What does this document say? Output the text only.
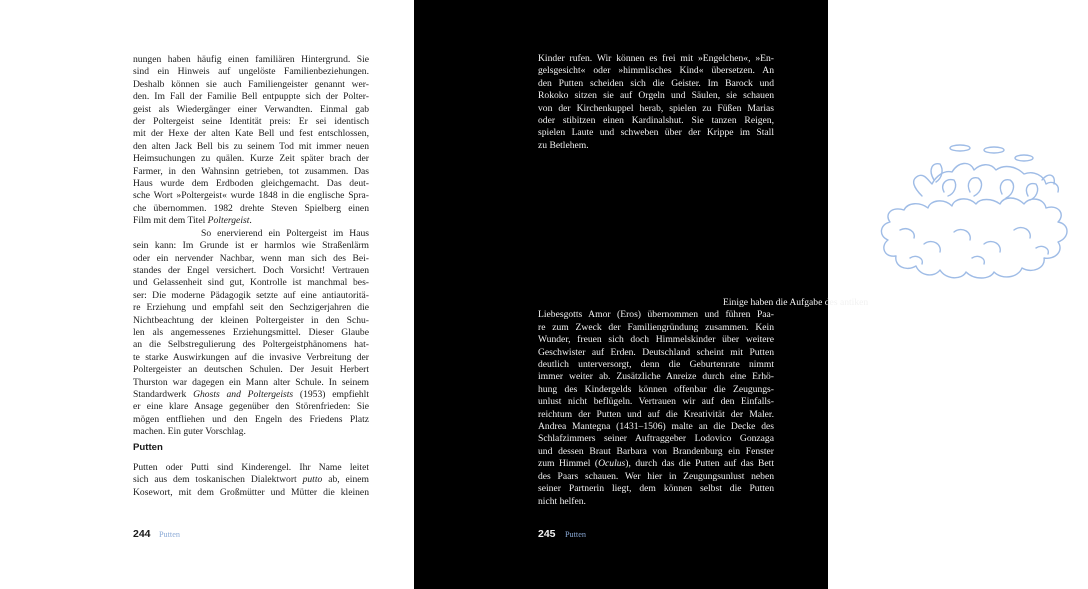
nungen haben häufig einen familiären Hintergrund. Sie
sind ein Hinweis auf ungelöste Familienbeziehungen.
Deshalb können sie auch Familiengeister genannt wer-
den. Im Fall der Familie Bell entpuppte sich der Polter-
geist als Wiedergänger einer Verwandten. Einmal gab
der Poltergeist seine Identität preis: Er sei identisch
mit der Hexe der alten Kate Bell und fest entschlossen,
den alten Jack Bell bis zu seinem Tod mit immer neuen
Heimsuchungen zu quälen. Kurze Zeit später brach der
Farmer, in den Wahnsinn getrieben, tot zusammen. Das
Haus wurde dem Erdboden gleichgemacht. Das deut-
sche Wort »Poltergeist« wurde 1848 in die englische Spra-
che übernommen. 1982 drehte Steven Spielberg einen
Film mit dem Titel Poltergeist.
So enervierend ein Poltergeist im Haus
sein kann: Im Grunde ist er harmlos wie Straßenlärm
oder ein nervender Nachbar, wenn man sich des Bei-
standes der Engel versichert. Doch Vorsicht! Vertrauen
und Gelassenheit sind gut, Kontrolle ist manchmal bes-
ser: Die moderne Pädagogik setzte auf eine antiautoritä-
re Erziehung und empfahl seit den Sechzigerjahren die
Nichtbeachtung der kleinen Poltergeister in den Schu-
len als angemessenes Erziehungsmittel. Dieser Glaube
an die Selbstregulierung des Poltergeistphänomens hat-
te starke Auswirkungen auf die invasive Verbreitung der
Poltergeister an deutschen Schulen. Der Jesuit Herbert
Thurston war dagegen ein Mann alter Schule. In seinem
Standardwerk Ghosts and Poltergeists (1953) empfiehlt
er eine klare Ansage gegenüber den Störenfrieden: Sie
mögen entfliehen und den Engeln des Friedens Platz
machen. Ein guter Vorschlag.
Putten
Putten oder Putti sind Kinderengel. Ihr Name leitet
sich aus dem toskanischen Dialektwort putto ab, einem
Kosewort, mit dem Großmütter und Mütter die kleinen
244 Putten
Kinder rufen. Wir können es frei mit »Engelchen«, »En-
gelsgesicht« oder »himmlisches Kind« übersetzen. An
den Putten scheiden sich die Geister. Im Barock und
Rokoko sitzen sie auf Orgeln und Säulen, sie schauen
von der Kirchenkuppel herab, spielen zu Füßen Marias
oder stibitzen einen Kardinalshut. Sie tanzen Reigen,
spielen Laute und schweben über der Krippe im Stall
zu Betlehem.
Einige haben die Aufgabe des antiken
Liebesgotts Amor (Eros) übernommen und führen Paa-
re zum Zweck der Familiengründung zusammen. Kein
Wunder, freuen sich doch Himmelskinder über weitere
Geschwister auf Erden. Deutschland scheint mit Putten
deutlich unterversorgt, denn die Geburtenrate nimmt
immer weiter ab. Zusätzliche Anreize durch eine Erhö-
hung des Kindergelds können offenbar die Zeugungs-
unlust nicht beflügeln. Vertrauen wir auf den Einfalls-
reichtum der Putten und auf die Kreativität der Maler.
Andrea Mantegna (1431–1506) malte an die Decke des
Schlafzimmers seiner Auftraggeber Lodovico Gonzaga
und dessen Braut Barbara von Brandenburg ein Fenster
zum Himmel (Oculus), durch das die Putten auf das Bett
des Paars schauen. Wer hier in Zeugungsunlust neben
seiner Partnerin liegt, dem können selbst die Putten
nicht helfen.
245 Putten
